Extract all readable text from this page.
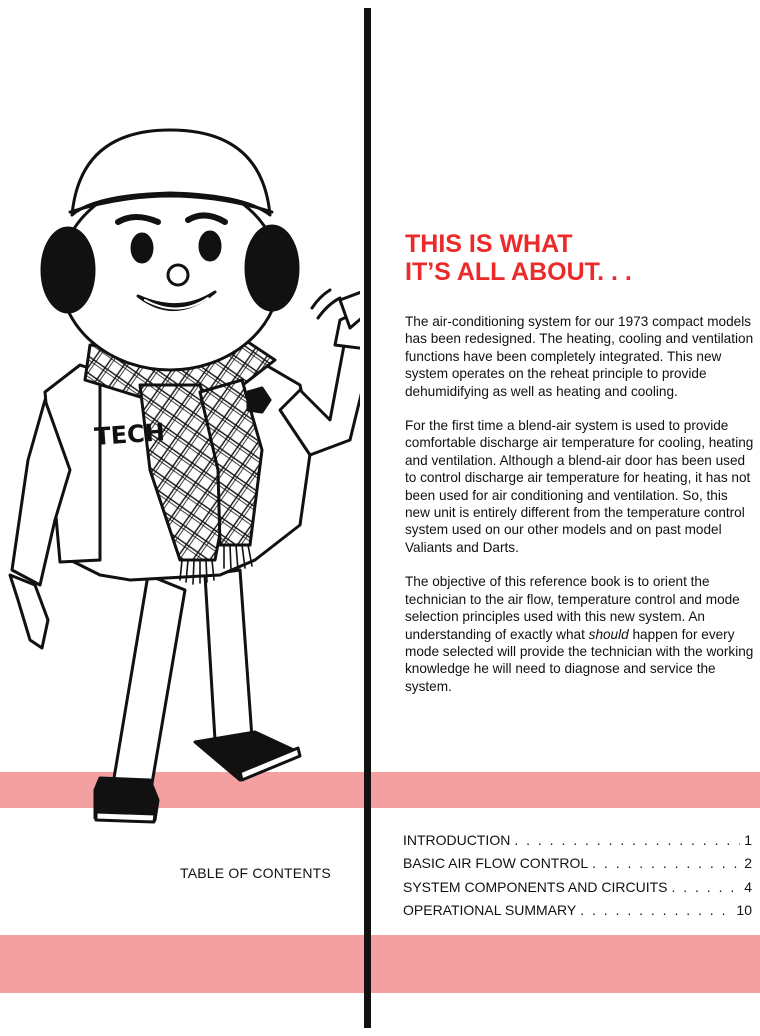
TECH
THIS IS WHAT
IT’S ALL ABOUT. . .

The air-conditioning system for our 1973 compact models has been redesigned. The heating, cooling and ventilation functions have been completely integrated. This new system operates on the reheat principle to provide dehumidifying as well as heating and cooling.

For the first time a blend-air system is used to provide comfortable discharge air temperature for cooling, heating and ventilation. Although a blend-air door has been used to control discharge air temperature for heating, it has not been used for air conditioning and ventilation. So, this new unit is entirely different from the temperature control system used on our other models and on past model Valiants and Darts.

The objective of this reference book is to orient the technician to the air flow, temperature control and mode selection principles used with this new system. An understanding of exactly what should happen for every mode selected will provide the technician with the working knowledge he will need to diagnose and service the system.

TABLE OF CONTENTS
INTRODUCTION . . .	1
BASIC AIR FLOW CONTROL . . .	2
SYSTEM COMPONENTS AND CIRCUITS . . .	4
OPERATIONAL SUMMARY . . .	10
